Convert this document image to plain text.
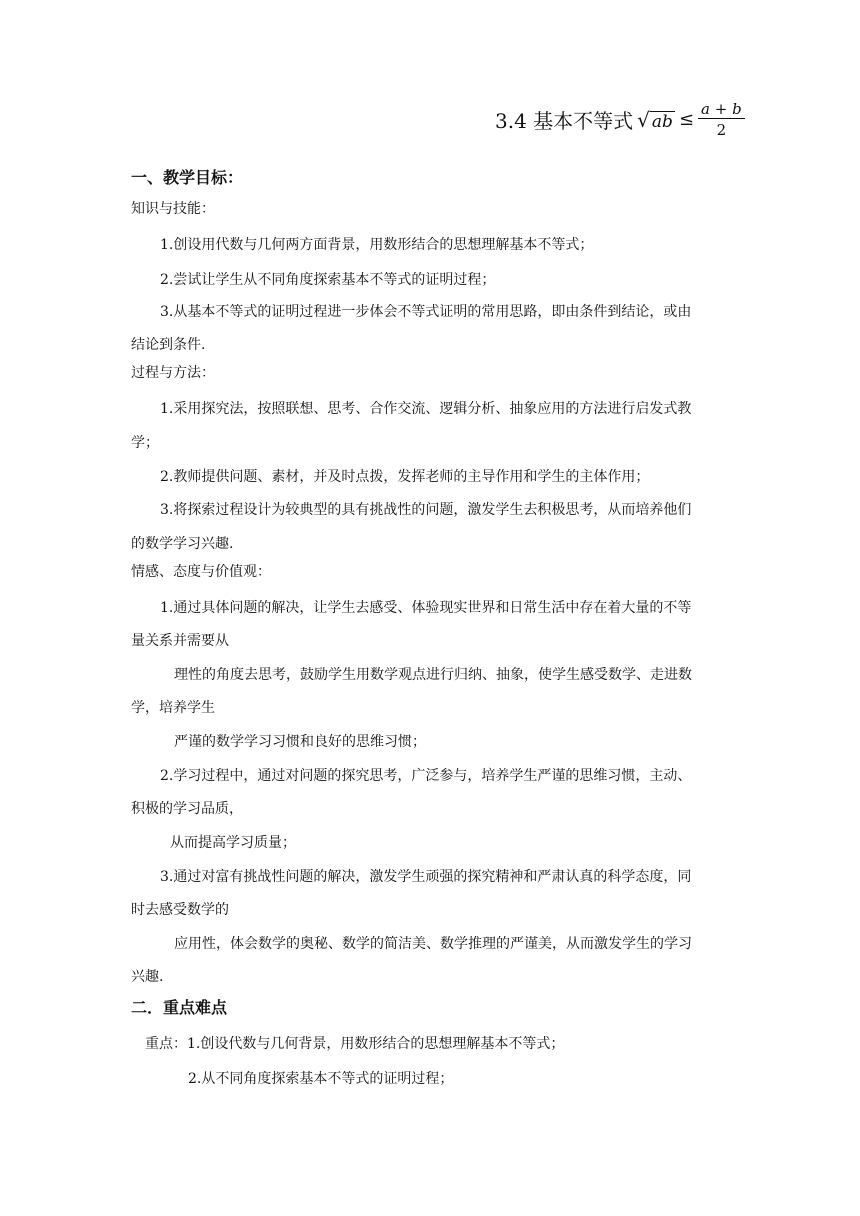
3.4 基本不等式 √ ab ≤ $\frac{a + b}{2}$
一、教学目标：
知识与技能：
1.创设用代数与几何两方面背景，用数形结合的思想理解基本不等式；
2.尝试让学生从不同角度探索基本不等式的证明过程；
3.从基本不等式的证明过程进一步体会不等式证明的常用思路，即由条件到结论，或由
结论到条件.
过程与方法：
1.采用探究法，按照联想、思考、合作交流、逻辑分析、抽象应用的方法进行启发式教
学；
2.教师提供问题、素材，并及时点拨，发挥老师的主导作用和学生的主体作用；
3.将探索过程设计为较典型的具有挑战性的问题，激发学生去积极思考，从而培养他们
的数学学习兴趣.
情感、态度与价值观：
1.通过具体问题的解决，让学生去感受、体验现实世界和日常生活中存在着大量的不等
量关系并需要从
理性的角度去思考，鼓励学生用数学观点进行归纳、抽象，使学生感受数学、走进数
学，培养学生
严谨的数学学习习惯和良好的思维习惯；
2.学习过程中，通过对问题的探究思考，广泛参与，培养学生严谨的思维习惯，主动、
积极的学习品质，
从而提高学习质量；
3.通过对富有挑战性问题的解决，激发学生顽强的探究精神和严肃认真的科学态度，同
时去感受数学的
应用性，体会数学的奥秘、数学的简洁美、数学推理的严谨美，从而激发学生的学习
兴趣.
二．重点难点
重点：1.创设代数与几何背景，用数形结合的思想理解基本不等式；
2.从不同角度探索基本不等式的证明过程；
